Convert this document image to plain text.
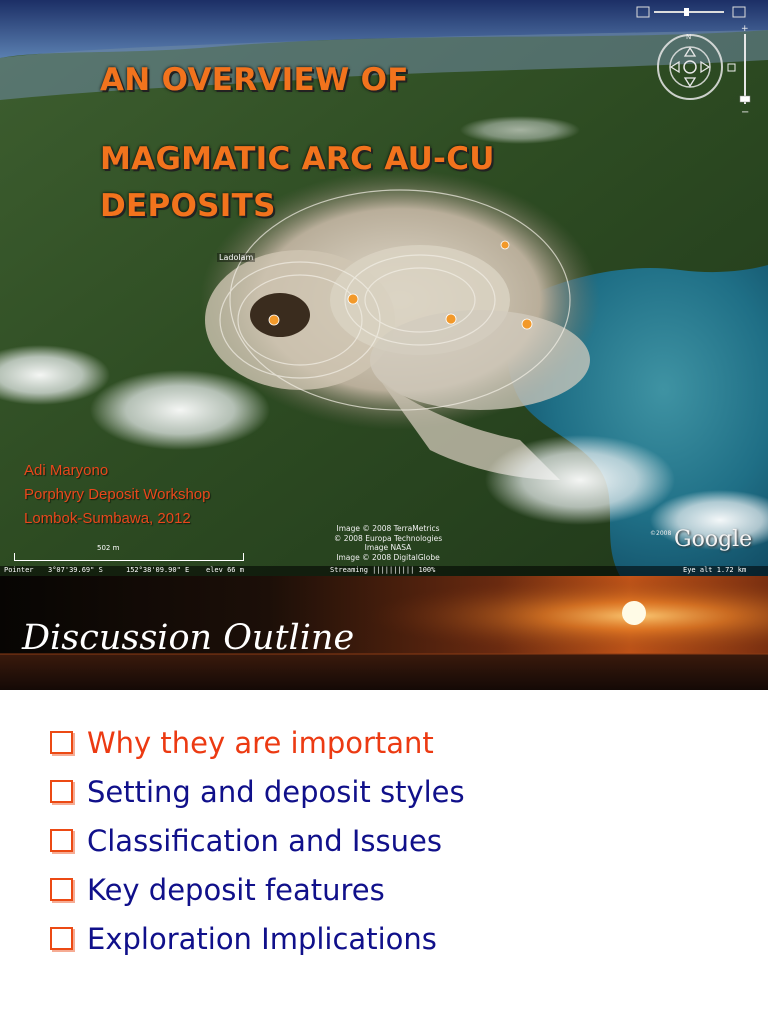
N
+
−
AN OVERVIEW OF
MAGMATIC ARC AU-CU
DEPOSITS
Ladolam
Adi Maryono
Porphyry Deposit Workshop
Lombok-Sumbawa, 2012
Image © 2008 TerraMetrics
© 2008 Europa Technologies
Image NASA
Image © 2008 DigitalGlobe
©2008 Google
502 m
Pointer 3°07'39.69" S	152°38'09.90" E elev 66 m	Streaming |||||||||| 100%	Eye alt 1.72 km
Discussion Outline
Why they are important
Setting and deposit styles
Classification and Issues
Key deposit features
Exploration Implications
